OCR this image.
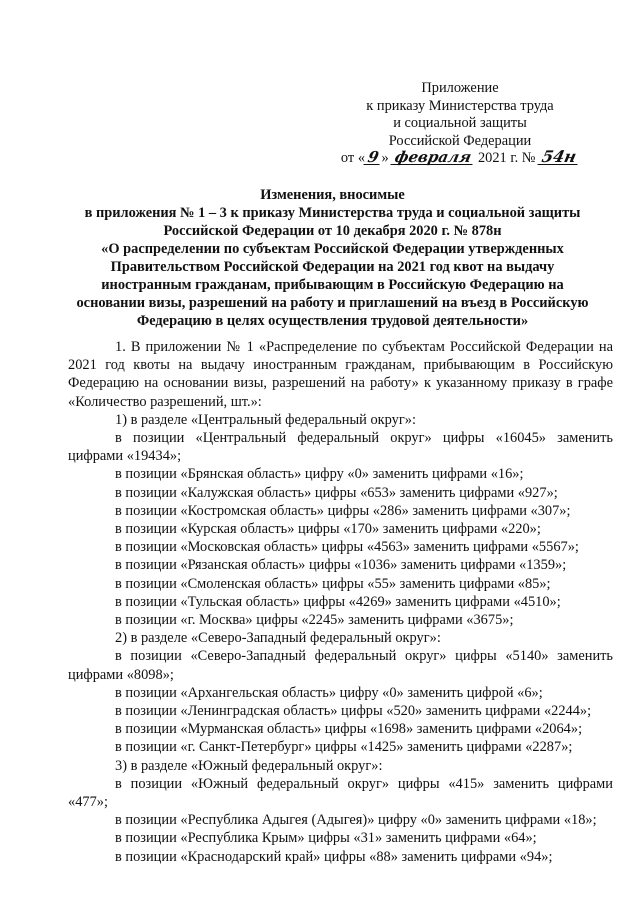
Приложение
к приказу Министерства труда
и социальной защиты
Российской Федерации
от «9» февраля 2021 г. № 54н
Изменения, вносимые
в приложения № 1 – 3 к приказу Министерства труда и социальной защиты
Российской Федерации от 10 декабря 2020 г. № 878н
«О распределении по субъектам Российской Федерации утвержденных
Правительством Российской Федерации на 2021 год квот на выдачу
иностранным гражданам, прибывающим в Российскую Федерацию на
основании визы, разрешений на работу и приглашений на въезд в Российскую
Федерацию в целях осуществления трудовой деятельности»
1. В приложении № 1 «Распределение по субъектам Российской Федерации на 2021 год квоты на выдачу иностранным гражданам, прибывающим в Российскую Федерацию на основании визы, разрешений на работу» к указанному приказу в графе «Количество разрешений, шт.»:
1) в разделе «Центральный федеральный округ»:
в позиции «Центральный федеральный округ» цифры «16045» заменить цифрами «19434»;
в позиции «Брянская область» цифру «0» заменить цифрами «16»;
в позиции «Калужская область» цифры «653» заменить цифрами «927»;
в позиции «Костромская область» цифры «286» заменить цифрами «307»;
в позиции «Курская область» цифры «170» заменить цифрами «220»;
в позиции «Московская область» цифры «4563» заменить цифрами «5567»;
в позиции «Рязанская область» цифры «1036» заменить цифрами «1359»;
в позиции «Смоленская область» цифры «55» заменить цифрами «85»;
в позиции «Тульская область» цифры «4269» заменить цифрами «4510»;
в позиции «г. Москва» цифры «2245» заменить цифрами «3675»;
2) в разделе «Северо-Западный федеральный округ»:
в позиции «Северо-Западный федеральный округ» цифры «5140» заменить цифрами «8098»;
в позиции «Архангельская область» цифру «0» заменить цифрой «6»;
в позиции «Ленинградская область» цифры «520» заменить цифрами «2244»;
в позиции «Мурманская область» цифры «1698» заменить цифрами «2064»;
в позиции «г. Санкт-Петербург» цифры «1425» заменить цифрами «2287»;
3) в разделе «Южный федеральный округ»:
в позиции «Южный федеральный округ» цифры «415» заменить цифрами «477»;
в позиции «Республика Адыгея (Адыгея)» цифру «0» заменить цифрами «18»;
в позиции «Республика Крым» цифры «31» заменить цифрами «64»;
в позиции «Краснодарский край» цифры «88» заменить цифрами «94»;
